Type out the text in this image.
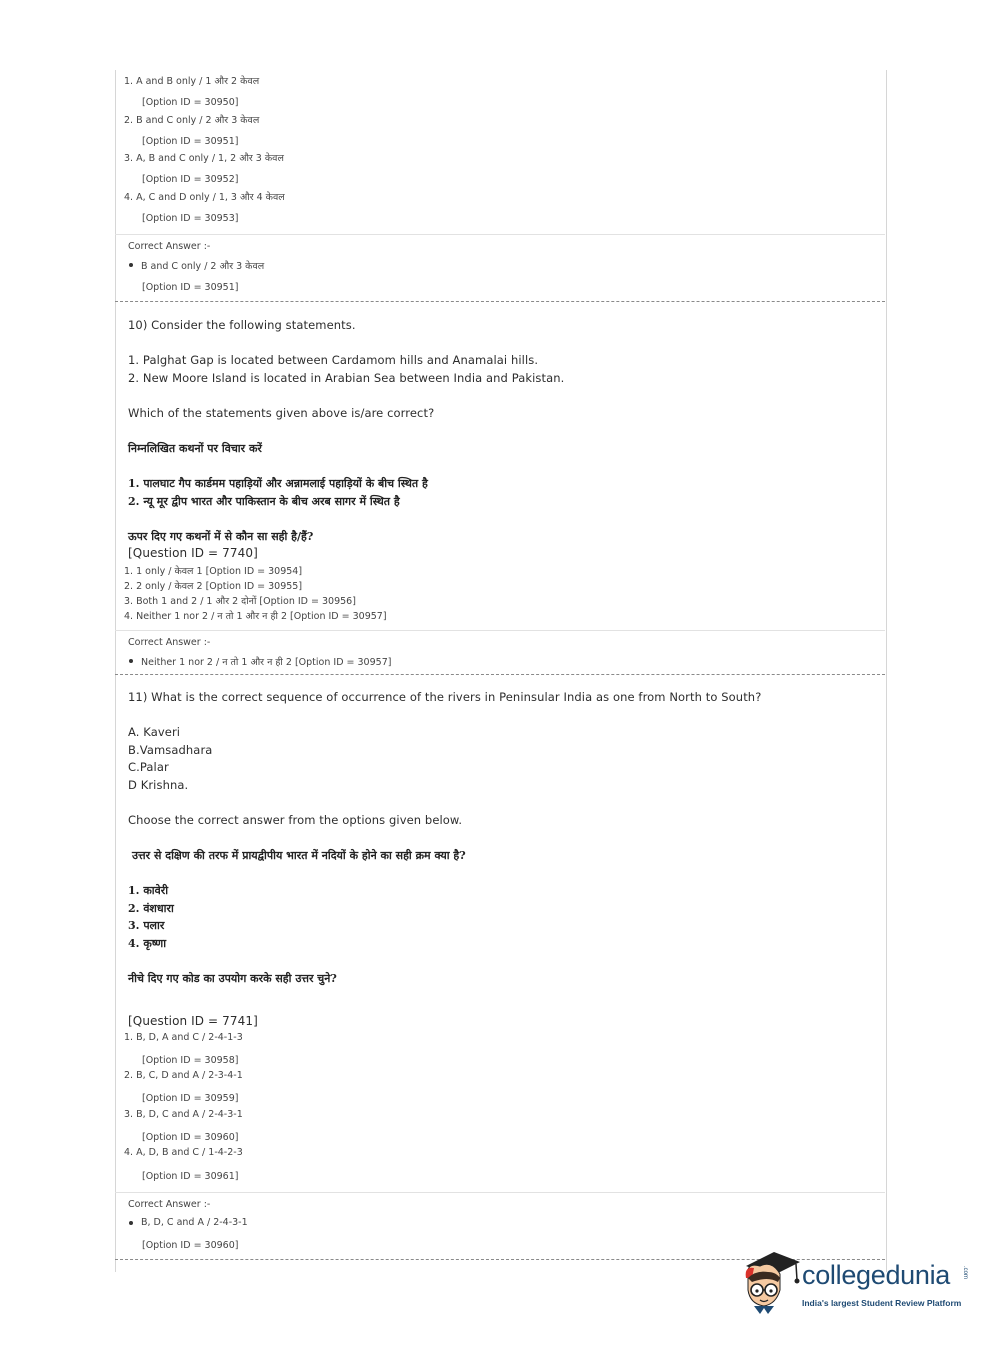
1. A and B only / 1 और 2 केवल
[Option ID = 30950]
2. B and C only / 2 और 3 केवल
[Option ID = 30951]
3. A, B and C only / 1, 2 और 3 केवल
[Option ID = 30952]
4. A, C and D only / 1, 3 और 4 केवल
[Option ID = 30953]
Correct Answer :-
B and C only / 2 और 3 केवल
[Option ID = 30951]
10) Consider the following statements.
1. Palghat Gap is located between Cardamom hills and Anamalai hills.
2. New Moore Island is located in Arabian Sea between India and Pakistan.
Which of the statements given above is/are correct?
निम्नलिखित कथनों पर विचार करें
1. पालघाट गैप कार्डमम पहाड़ियों और अन्नामलाई पहाड़ियों के बीच स्थित है
2. न्यू मूर द्वीप भारत और पाकिस्तान के बीच अरब सागर में स्थित है
ऊपर दिए गए कथनों में से कौन सा सही है/हैं?
[Question ID = 7740]
1. 1 only / केवल 1 [Option ID = 30954]
2. 2 only / केवल 2 [Option ID = 30955]
3. Both 1 and 2 / 1 और 2 दोनों [Option ID = 30956]
4. Neither 1 nor 2 / न तो 1 और न ही 2 [Option ID = 30957]
Correct Answer :-
Neither 1 nor 2 / न तो 1 और न ही 2 [Option ID = 30957]
11) What is the correct sequence of occurrence of the rivers in Peninsular India as one from North to South?
A. Kaveri
B.Vamsadhara
C.Palar
D Krishna.
Choose the correct answer from the options given below.
उत्तर से दक्षिण की तरफ में प्रायद्वीपीय भारत में नदियों के होने का सही क्रम क्या है?
1. कावेरी
2. वंशधारा
3. पलार
4. कृष्णा
नीचे दिए गए कोड का उपयोग करके सही उत्तर चुने?
[Question ID = 7741]
1. B, D, A and C / 2-4-1-3
[Option ID = 30958]
2. B, C, D and A / 2-3-4-1
[Option ID = 30959]
3. B, D, C and A / 2-4-3-1
[Option ID = 30960]
4. A, D, B and C / 1-4-2-3
[Option ID = 30961]
Correct Answer :-
B, D, C and A / 2-4-3-1
[Option ID = 30960]
collegedunia .com
India's largest Student Review Platform
